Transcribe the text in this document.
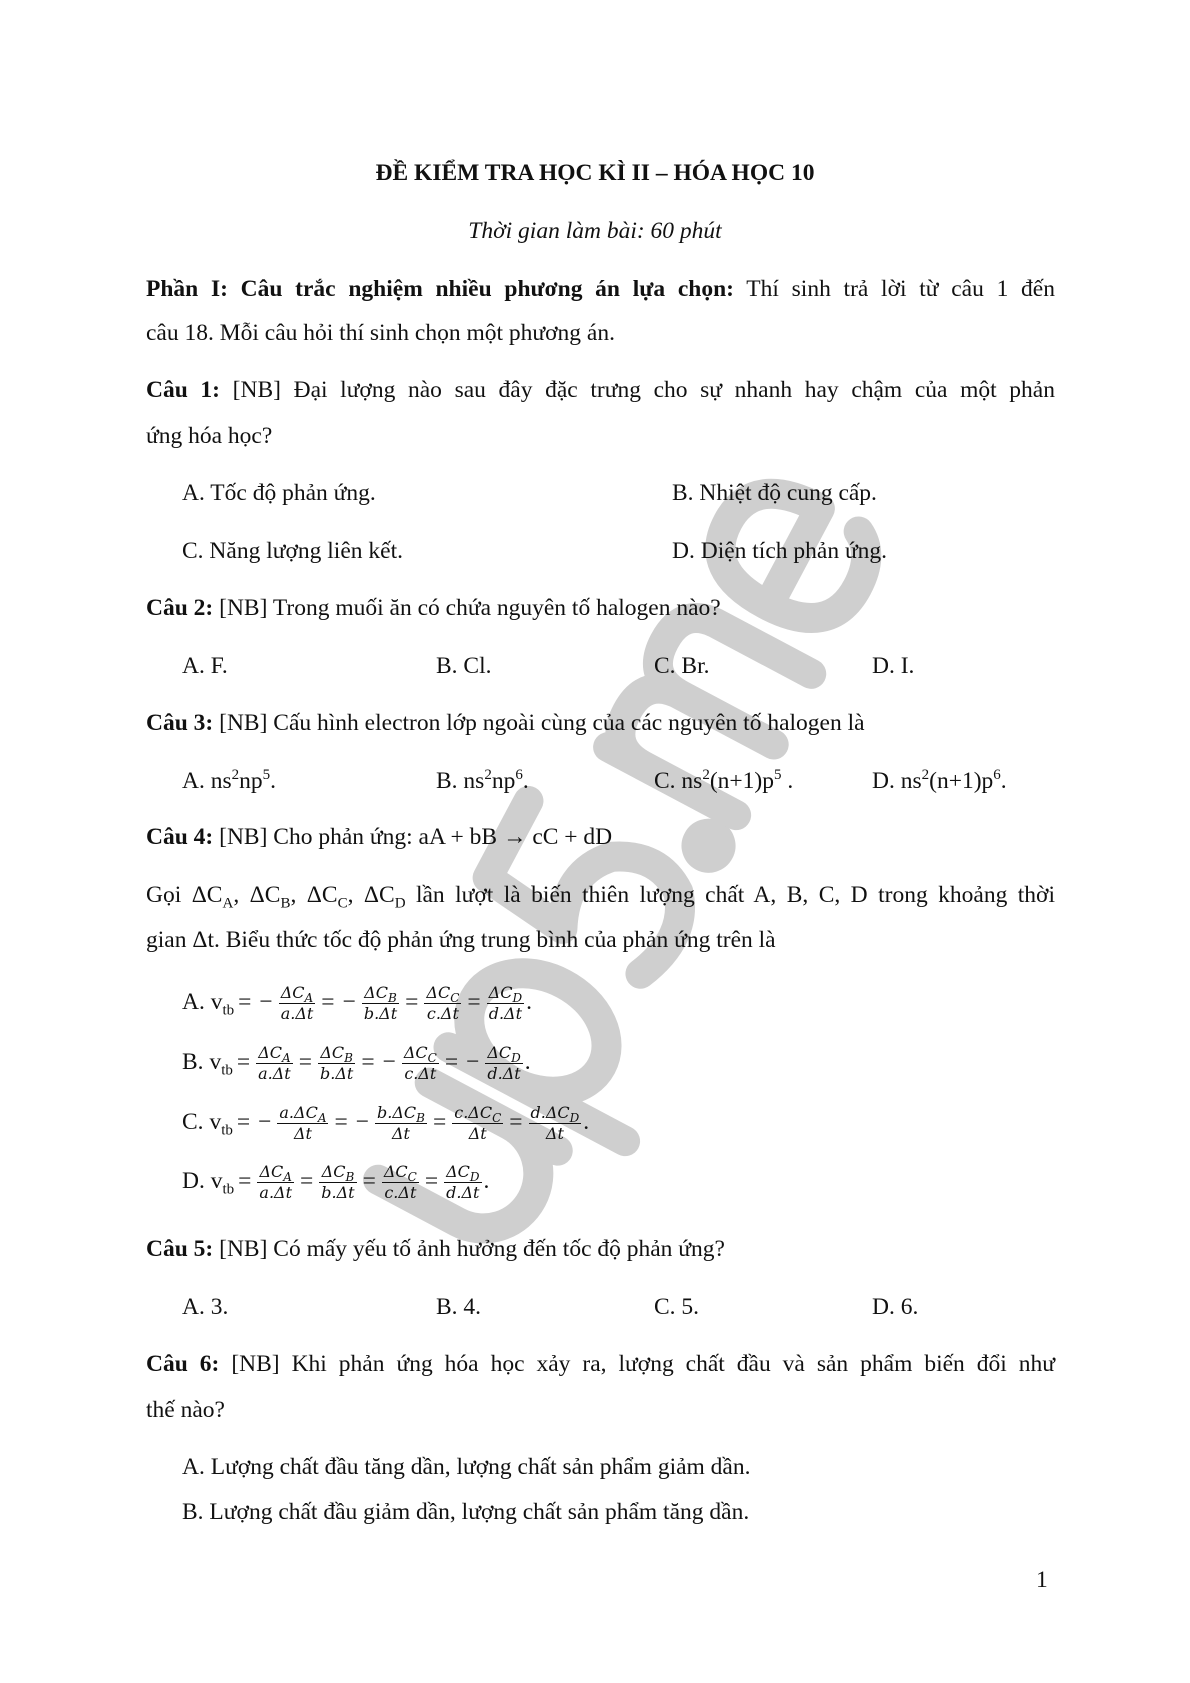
ĐỀ KIỂM TRA HỌC KÌ II – HÓA HỌC 10
Thời gian làm bài: 60 phút
Phần I: Câu trắc nghiệm nhiều phương án lựa chọn: Thí sinh trả lời từ câu 1 đến
câu 18. Mỗi câu hỏi thí sinh chọn một phương án.
Câu 1: [NB] Đại lượng nào sau đây đặc trưng cho sự nhanh hay chậm của một phản
ứng hóa học?
A. Tốc độ phản ứng.	B. Nhiệt độ cung cấp.
C. Năng lượng liên kết.	D. Diện tích phản ứng.
Câu 2: [NB] Trong muối ăn có chứa nguyên tố halogen nào?
A. F.	B. Cl.	C. Br.	D. I.
Câu 3: [NB] Cấu hình electron lớp ngoài cùng của các nguyên tố halogen là
A. $ns^2np^5$.	B. $ns^2np^6$.	C. $ns^2(n+1)p^5$ .	D. $ns^2(n+1)p^6$.
Câu 4: [NB] Cho phản ứng: aA + bB → cC + dD
Gọi $\Delta C_A$, $\Delta C_B$, $\Delta C_C$, $\Delta C_D$ lần lượt là biến thiên lượng chất A, B, C, D trong khoảng thời
gian Δt. Biểu thức tốc độ phản ứng trung bình của phản ứng trên là
A. $v_{tb}$ = − $\frac{\Delta C_A}{a.\Delta t}$ = − $\frac{\Delta C_B}{b.\Delta t} = \frac{\Delta C_C}{c.\Delta t} = \frac{\Delta C_D}{d.\Delta t}$ .
B. $v_{tb} = \frac{\Delta C_A}{a.\Delta t} = \frac{\Delta C_B}{b.\Delta t}$ = − $\frac{\Delta C_C}{c.\Delta t}$ = − $\frac{\Delta C_D}{d.\Delta t}$ .
C. $v_{tb}$ = − $\frac{a.\Delta C_A}{\Delta t}$ = − $\frac{b.\Delta C_B}{\Delta t} = \frac{c.\Delta C_C}{\Delta t} = \frac{d.\Delta C_D}{\Delta t}$ .
D. $v_{tb} = \frac{\Delta C_A}{a.\Delta t} = \frac{\Delta C_B}{b.\Delta t} = \frac{\Delta C_C}{c.\Delta t} = \frac{\Delta C_D}{d.\Delta t}$ .
Câu 5: [NB] Có mấy yếu tố ảnh hưởng đến tốc độ phản ứng?
A. 3.	B. 4.	C. 5.	D. 6.
Câu 6: [NB] Khi phản ứng hóa học xảy ra, lượng chất đầu và sản phẩm biến đổi như
thế nào?
A. Lượng chất đầu tăng dần, lượng chất sản phẩm giảm dần.
B. Lượng chất đầu giảm dần, lượng chất sản phẩm tăng dần.
1
